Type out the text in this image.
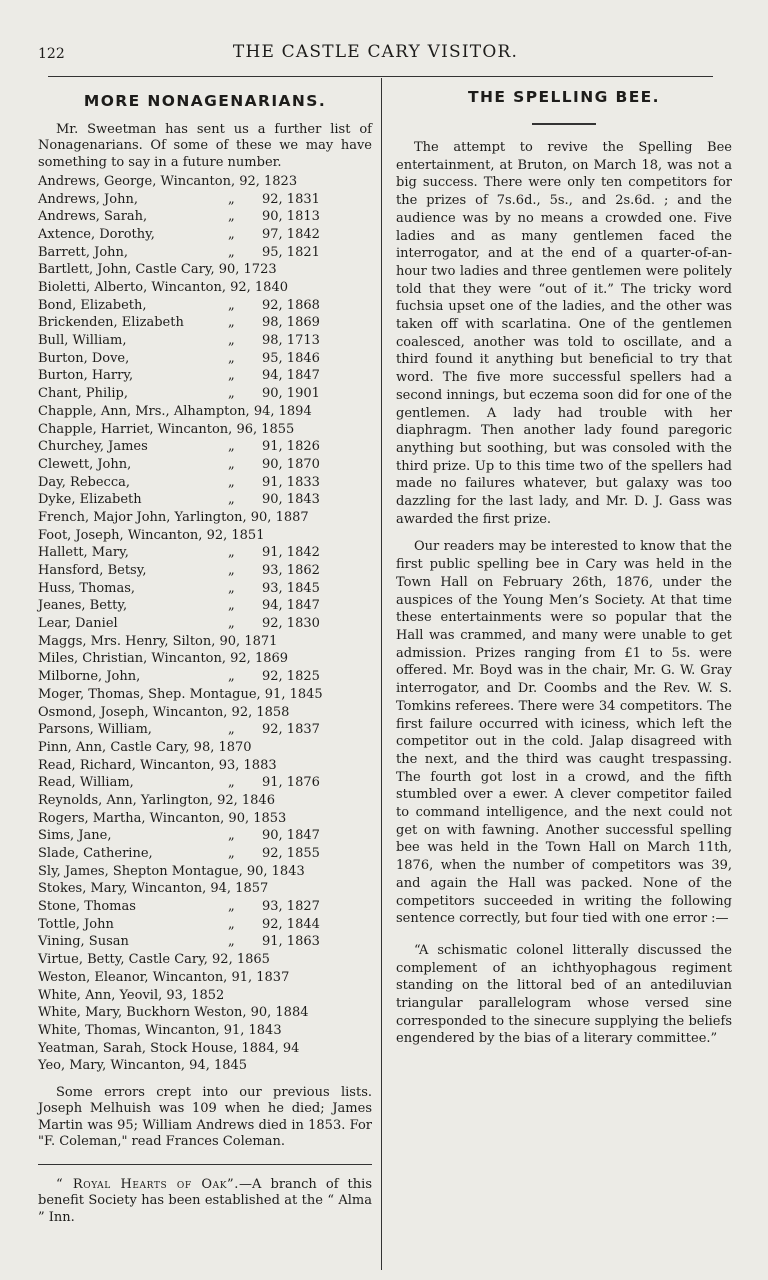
122	THE CASTLE CARY VISITOR.
MORE NONAGENARIANS.

Mr. Sweetman has sent us a further list of Nonagenarians. Of some of these we may have something to say in a future number.

Andrews, George, Wincanton, 92, 1823
Andrews, John,	„ 92, 1831
Andrews, Sarah,	„ 90, 1813
Axtence, Dorothy,	„ 97, 1842
Barrett, John,	„ 95, 1821
Bartlett, John, Castle Cary, 90, 1723
Bioletti, Alberto, Wincanton, 92, 1840
Bond, Elizabeth,	„ 92, 1868
Brickenden, Elizabeth	„ 98, 1869
Bull, William,	„ 98, 1713
Burton, Dove,	„ 95, 1846
Burton, Harry,	„ 94, 1847
Chant, Philip,	„ 90, 1901
Chapple, Ann, Mrs., Alhampton, 94, 1894
Chapple, Harriet, Wincanton, 96, 1855
Churchey, James	„ 91, 1826
Clewett, John,	„ 90, 1870
Day, Rebecca,	„ 91, 1833
Dyke, Elizabeth	„ 90, 1843
French, Major John, Yarlington, 90, 1887
Foot, Joseph, Wincanton, 92, 1851
Hallett, Mary,	„ 91, 1842
Hansford, Betsy,	„ 93, 1862
Huss, Thomas,	„ 93, 1845
Jeanes, Betty,	„ 94, 1847
Lear, Daniel	„ 92, 1830
Maggs, Mrs. Henry, Silton, 90, 1871
Miles, Christian, Wincanton, 92, 1869
Milborne, John,	„ 92, 1825
Moger, Thomas, Shep. Montague, 91, 1845
Osmond, Joseph, Wincanton, 92, 1858
Parsons, William,	„ 92, 1837
Pinn, Ann, Castle Cary, 98, 1870
Read, Richard, Wincanton, 93, 1883
Read, William,	„ 91, 1876
Reynolds, Ann, Yarlington, 92, 1846
Rogers, Martha, Wincanton, 90, 1853
Sims, Jane,	„ 90, 1847
Slade, Catherine,	„ 92, 1855
Sly, James, Shepton Montague, 90, 1843
Stokes, Mary, Wincanton, 94, 1857
Stone, Thomas	„ 93, 1827
Tottle, John	„ 92, 1844
Vining, Susan	„ 91, 1863
Virtue, Betty, Castle Cary, 92, 1865
Weston, Eleanor, Wincanton, 91, 1837
White, Ann, Yeovil, 93, 1852
White, Mary, Buckhorn Weston, 90, 1884
White, Thomas, Wincanton, 91, 1843
Yeatman, Sarah, Stock House, 1884, 94
Yeo, Mary, Wincanton, 94, 1845

Some errors crept into our previous lists. Joseph Melhuish was 109 when he died; James Martin was 95; William Andrews died in 1853. For "F. Coleman," read Frances Coleman.

“ Royal Hearts of Oak”.—A branch of this benefit Society has been established at the “ Alma ” Inn.

THE SPELLING BEE.

The attempt to revive the Spelling Bee entertainment, at Bruton, on March 18, was not a big success. There were only ten competitors for the prizes of 7s.6d., 5s., and 2s.6d. ; and the audience was by no means a crowded one. Five ladies and as many gentlemen faced the interrogator, and at the end of a quarter-of-an-hour two ladies and three gentlemen were politely told that they were “out of it.” The tricky word fuchsia upset one of the ladies, and the other was taken off with scarlatina. One of the gentlemen coalesced, another was told to oscillate, and a third found it anything but beneficial to try that word. The five more successful spellers had a second innings, but eczema soon did for one of the gentlemen. A lady had trouble with her diaphragm. Then another lady found paregoric anything but soothing, but was consoled with the third prize. Up to this time two of the spellers had made no failures whatever, but galaxy was too dazzling for the last lady, and Mr. D. J. Gass was awarded the first prize.

Our readers may be interested to know that the first public spelling bee in Cary was held in the Town Hall on February 26th, 1876, under the auspices of the Young Men’s Society. At that time these entertainments were so popular that the Hall was crammed, and many were unable to get admission. Prizes ranging from £1 to 5s. were offered. Mr. Boyd was in the chair, Mr. G. W. Gray interrogator, and Dr. Coombs and the Rev. W. S. Tomkins referees. There were 34 competitors. The first failure occurred with iciness, which left the competitor out in the cold. Jalap disagreed with the next, and the third was caught trespassing. The fourth got lost in a crowd, and the fifth stumbled over a ewer. A clever competitor failed to command intelligence, and the next could not get on with fawning. Another successful spelling bee was held in the Town Hall on March 11th, 1876, when the number of competitors was 39, and again the Hall was packed. None of the competitors succeeded in writing the following sentence correctly, but four tied with one error :—

“A schismatic colonel litterally discussed the complement of an ichthyophagous regiment standing on the littoral bed of an antediluvian triangular parallelogram whose versed sine corresponded to the sinecure supplying the beliefs engendered by the bias of a literary committee.”
